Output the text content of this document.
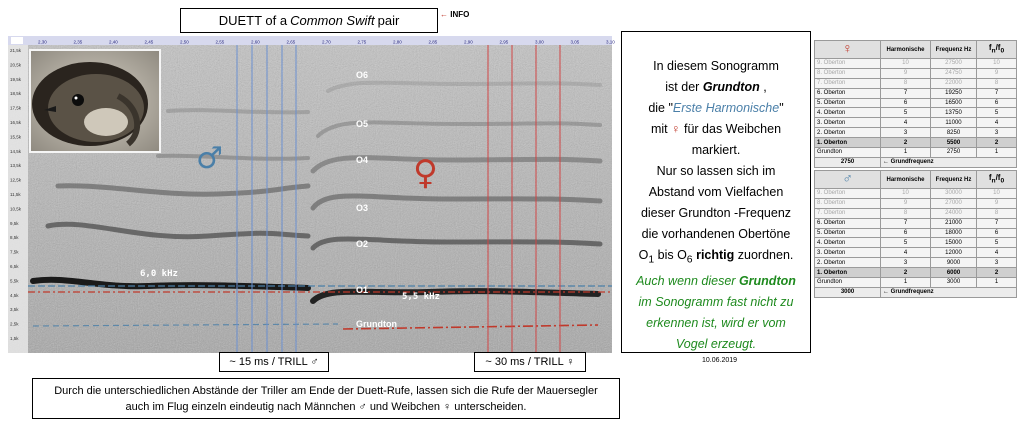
DUETT of a Common Swift pair	← INFO
2,30	2,35	2,40	2,45	2,50	2,55	2,60	2,65	2,70	2,75	2,80	2,85	2,90	2,95	3,00	3,05	3,10
21,5k
20,5k
19,5k
18,5k
17,5k
16,5k
15,5k
14,5k
13,5k
12,5k
11,5k
10,5k
9,5k
8,5k
7,5k
6,5k
5,5k
4,5k
3,5k
2,5k
1,5k
O6
O5
O4
O3
O2
O1
Grundton
6,0 kHz
5,5 kHz
♂	♀
~ 15 ms / TRILL ♂	~ 30 ms / TRILL ♀	10.06.2019
Durch die unterschiedlichen Abstände der Triller am Ende der Duett-Rufe, lassen sich die Rufe der Mauersegler
auch im Flug einzeln eindeutig nach Männchen ♂ und Weibchen ♀ unterscheiden.
In diesem Sonogramm
ist der Grundton ,
die "Erste Harmonische"
mit ♀ für das Weibchen
markiert.
Nur so lassen sich im
Abstand vom Vielfachen
dieser Grundton -Frequenz
die vorhandenen Obertöne
$O_1$ bis $O_6$ richtig zuordnen.
Auch wenn dieser Grundton
im Sonogramm fast nicht zu
erkennen ist, wird er vom
Vogel erzeugt.
♀	Harmonische	Frequenz Hz	$f_n/f_0$
9. Oberton	10	27500	10
8. Oberton	9	24750	9
7. Oberton	8	22000	8
6. Oberton	7	19250	7
5. Oberton	6	16500	6
4. Oberton	5	13750	5
3. Oberton	4	11000	4
2. Oberton	3	8250	3
1. Oberton	2	5500	2
Grundton	1	2750	1
2750	← Grundfrequenz		
♂	Harmonische	Frequenz Hz	$f_n/f_0$
9. Oberton	10	30000	10
8. Oberton	9	27000	9
7. Oberton	8	24000	8
6. Oberton	7	21000	7
5. Oberton	6	18000	6
4. Oberton	5	15000	5
3. Oberton	4	12000	4
2. Oberton	3	9000	3
1. Oberton	2	6000	2
Grundton	1	3000	1
3000	← Grundfrequenz		
